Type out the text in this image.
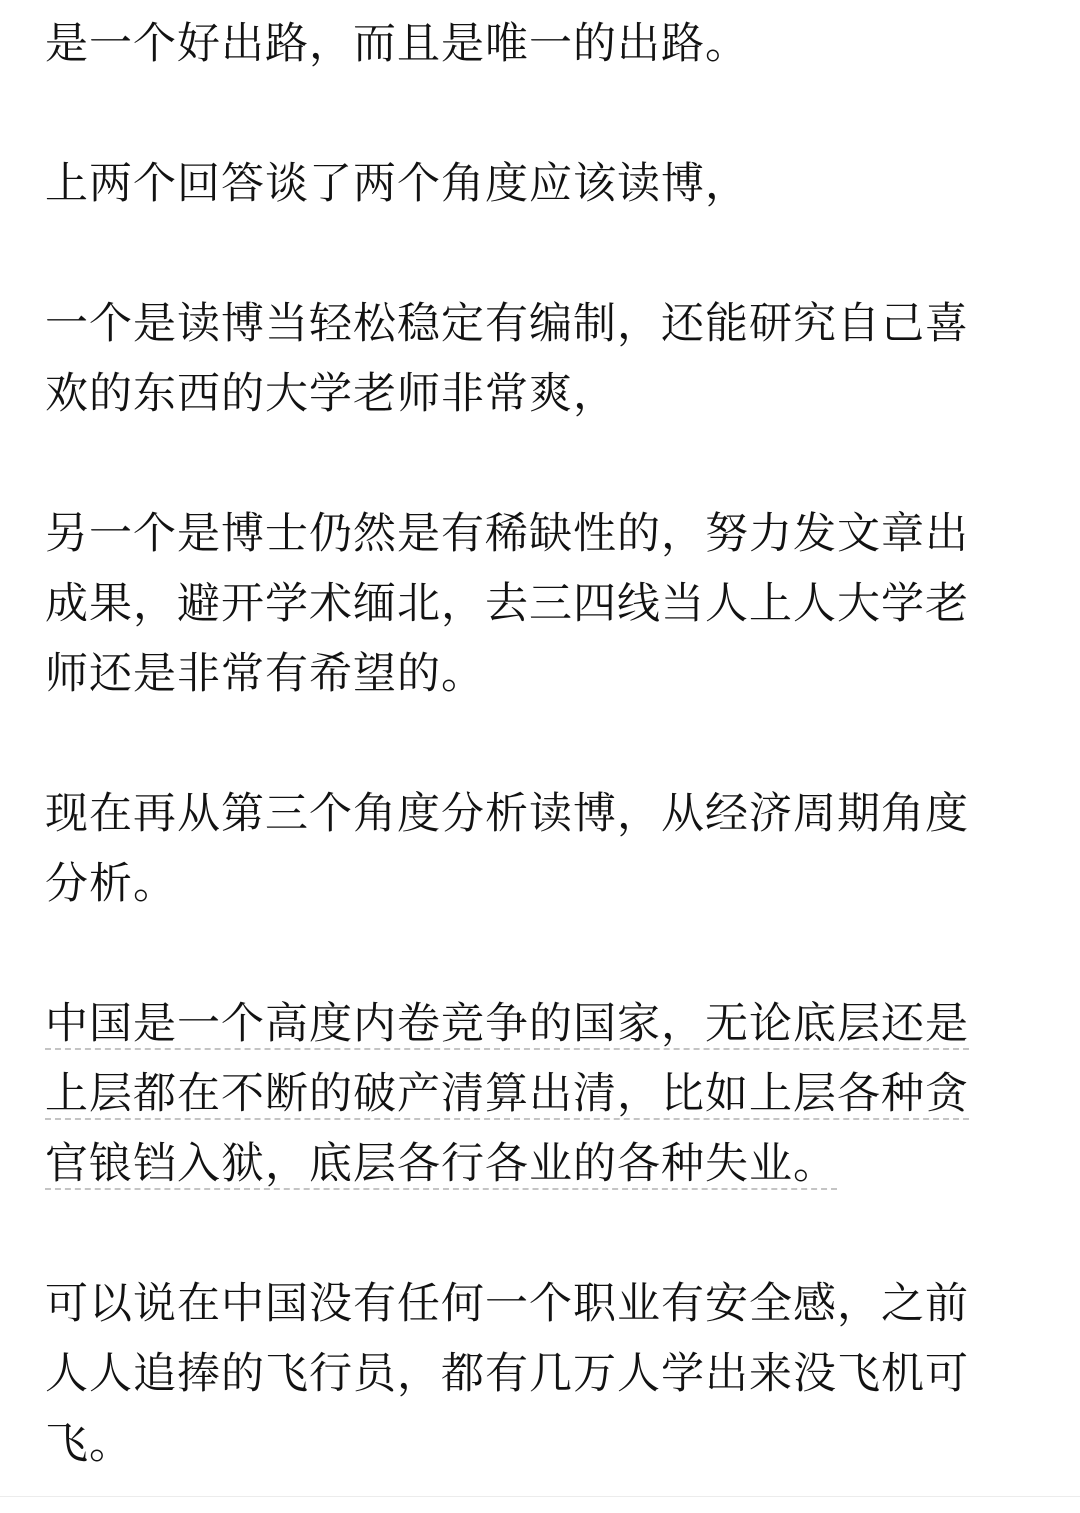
是一个好出路，而且是唯一的出路。

上两个回答谈了两个角度应该读博，

一个是读博当轻松稳定有编制，还能研究自己喜
欢的东西的大学老师非常爽，

另一个是博士仍然是有稀缺性的，努力发文章出
成果，避开学术缅北，去三四线当人上人大学老
师还是非常有希望的。

现在再从第三个角度分析读博，从经济周期角度
分析。

中国是一个高度内卷竞争的国家，无论底层还是
上层都在不断的破产清算出清，比如上层各种贪
官锒铛入狱，底层各行各业的各种失业。

可以说在中国没有任何一个职业有安全感，之前
人人追捧的飞行员，都有几万人学出来没飞机可
飞。
